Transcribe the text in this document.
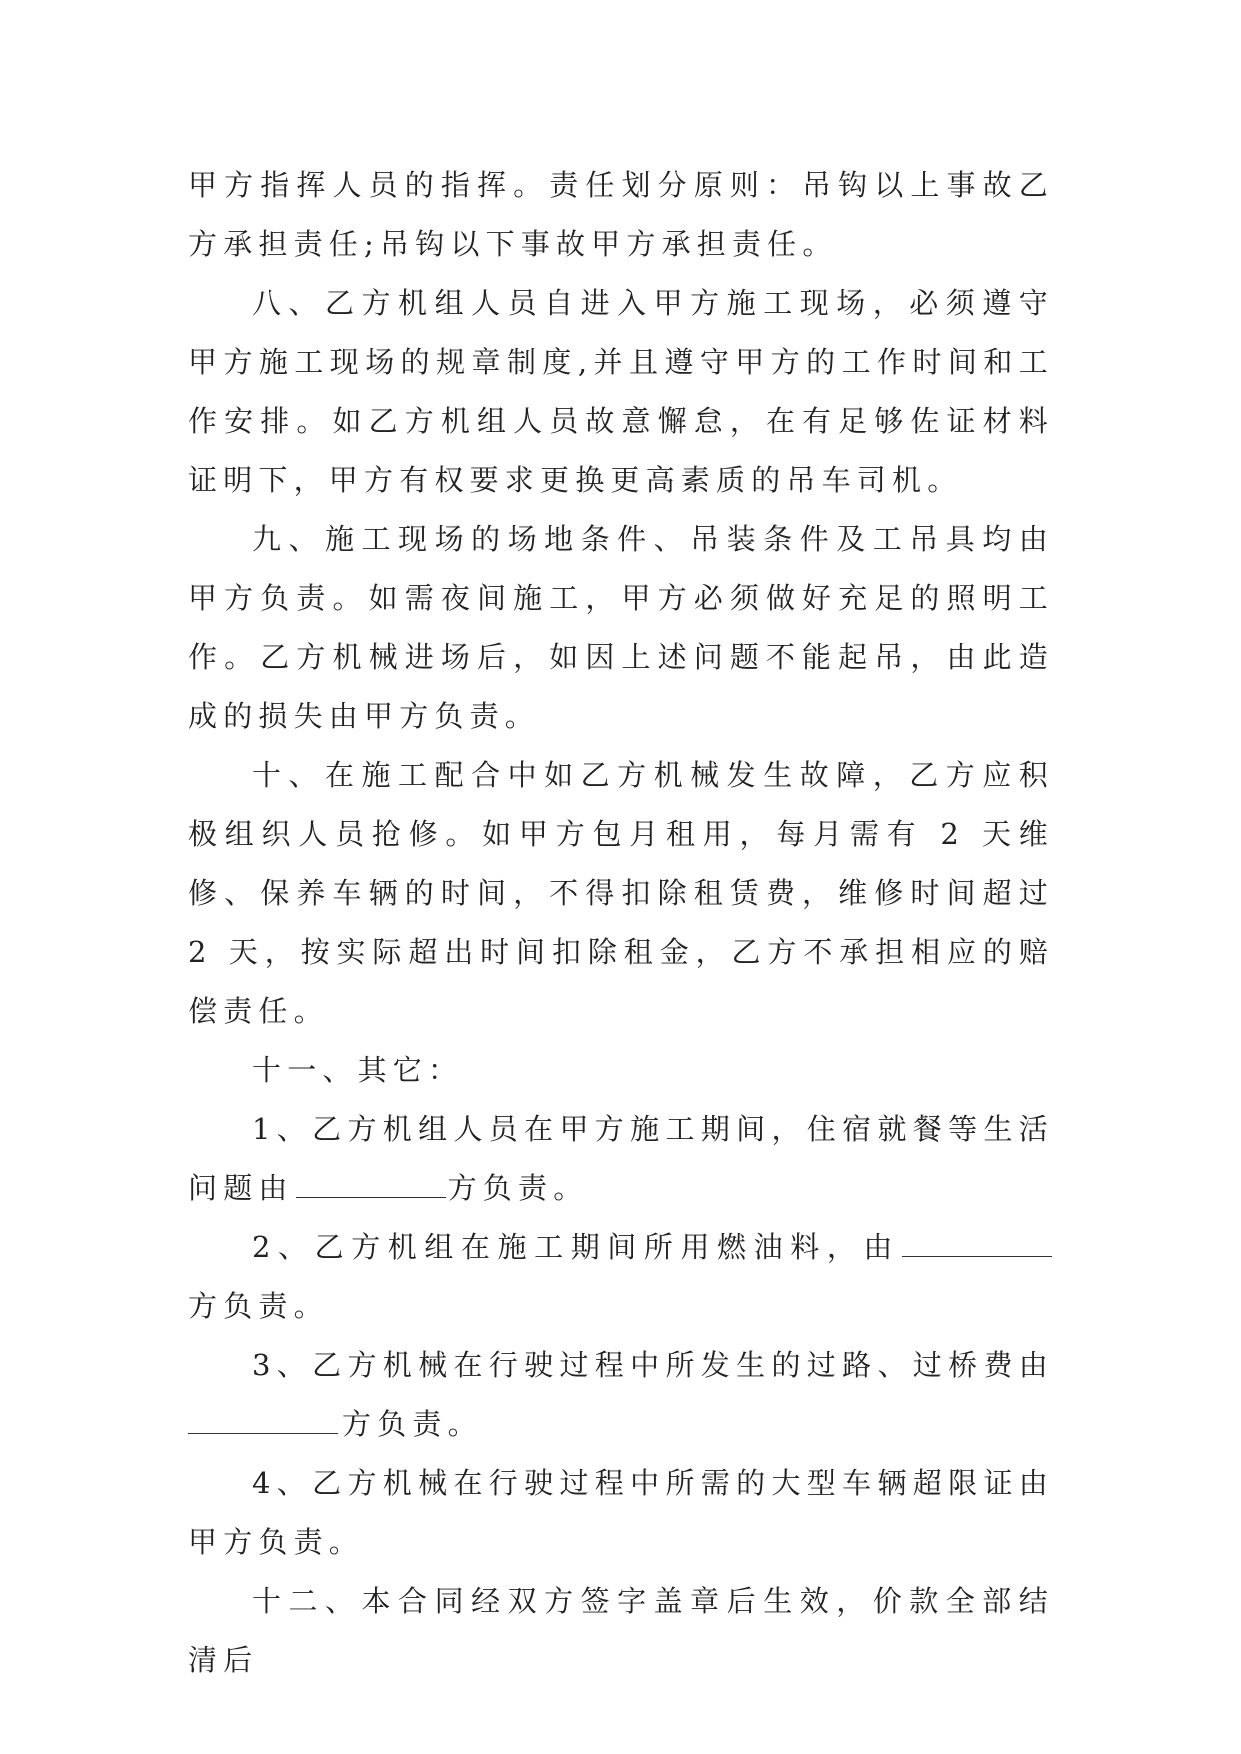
甲方指挥人员的指挥。责任划分原则：吊钩以上事故乙方承担责任;吊钩以下事故甲方承担责任。

八、乙方机组人员自进入甲方施工现场，必须遵守甲方施工现场的规章制度,并且遵守甲方的工作时间和工作安排。如乙方机组人员故意懈怠，在有足够佐证材料证明下，甲方有权要求更换更高素质的吊车司机。

九、施工现场的场地条件、吊装条件及工吊具均由甲方负责。如需夜间施工，甲方必须做好充足的照明工作。乙方机械进场后，如因上述问题不能起吊，由此造成的损失由甲方负责。

十、在施工配合中如乙方机械发生故障，乙方应积极组织人员抢修。如甲方包月租用，每月需有 2 天维修、保养车辆的时间，不得扣除租赁费，维修时间超过 2 天，按实际超出时间扣除租金，乙方不承担相应的赔偿责任。

十一、其它：

1、乙方机组人员在甲方施工期间，住宿就餐等生活问题由	方负责。

2、乙方机组在施工期间所用燃油料，由方负责。

3、乙方机械在行驶过程中所发生的过路、过桥费由方负责。

4、乙方机械在行驶过程中所需的大型车辆超限证由甲方负责。

十二、本合同经双方签字盖章后生效，价款全部结清后
